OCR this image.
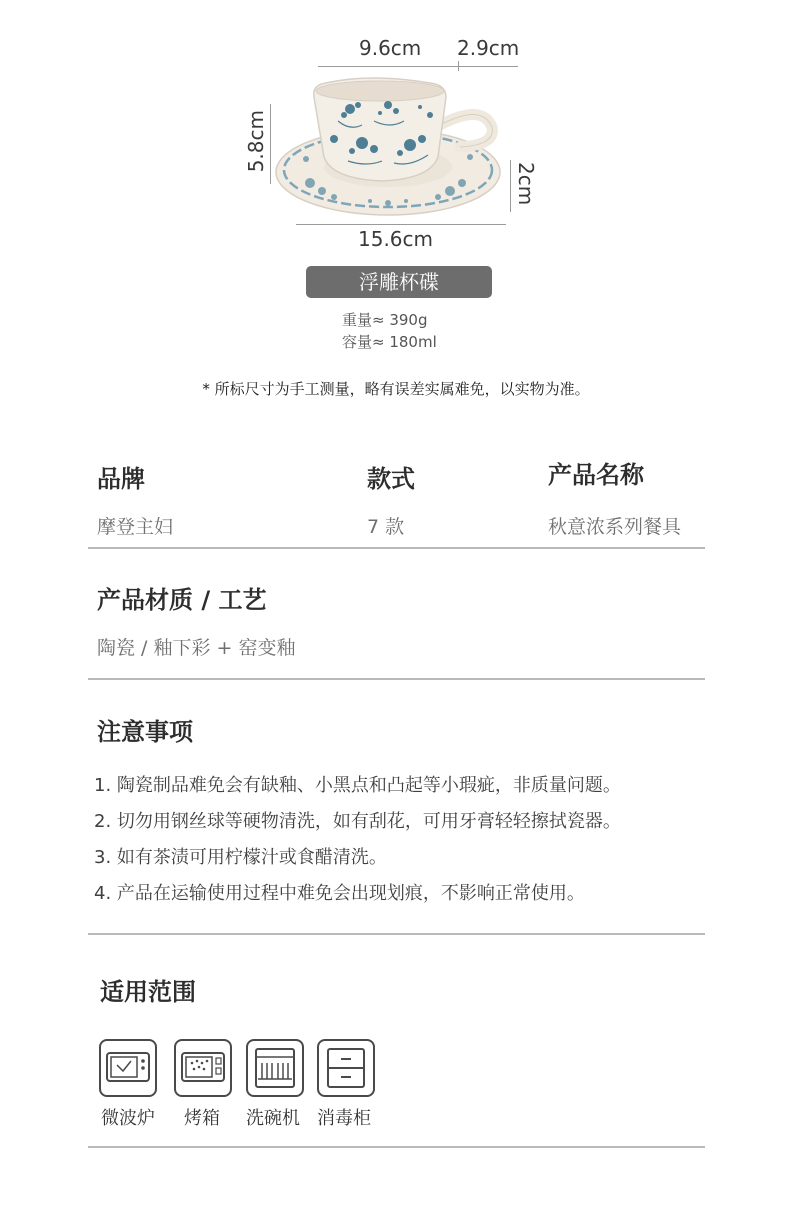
9.6cm 2.9cm
5.8cm
2cm
15.6cm
浮雕杯碟
重量≈ 390g
容量≈ 180ml
* 所标尺寸为手工测量，略有误差实属难免，以实物为准。
品牌	款式	产品名称
摩登主妇	7 款	秋意浓系列餐具
产品材质 / 工艺
陶瓷 / 釉下彩 + 窑变釉
注意事项
1. 陶瓷制品难免会有缺釉、小黑点和凸起等小瑕疵，非质量问题。
2. 切勿用钢丝球等硬物清洗，如有刮花，可用牙膏轻轻擦拭瓷器。
3. 如有茶渍可用柠檬汁或食醋清洗。
4. 产品在运输使用过程中难免会出现划痕，不影响正常使用。
适用范围
微波炉 烤箱 洗碗机 消毒柜
